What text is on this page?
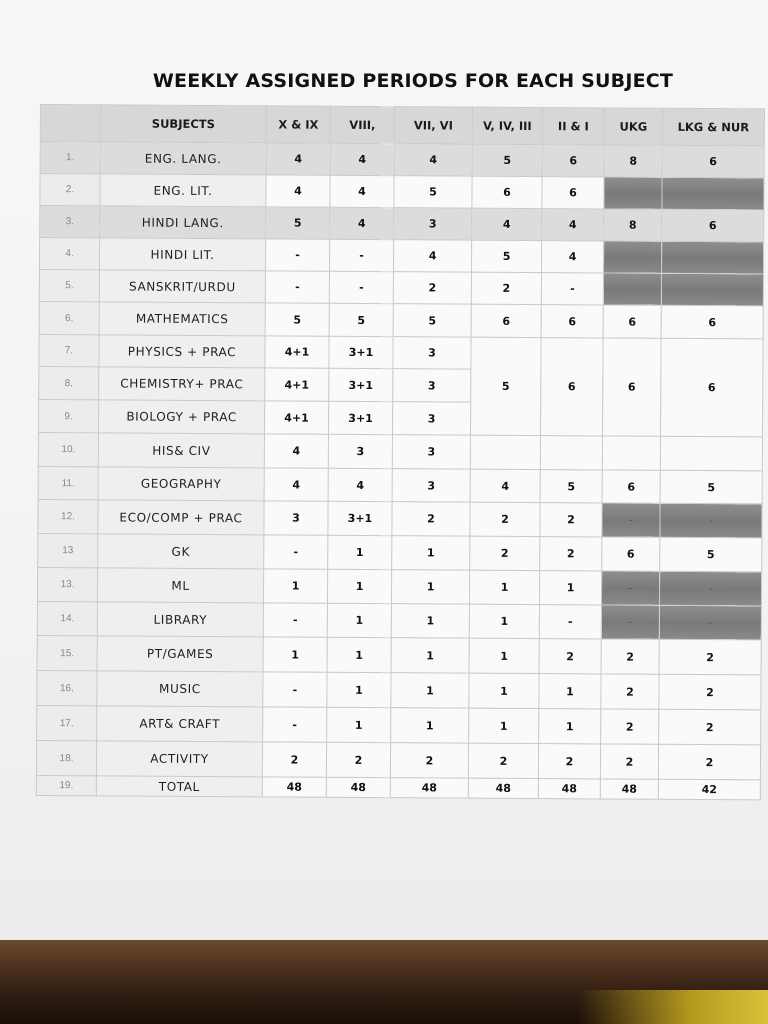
WEEKLY ASSIGNED PERIODS FOR EACH SUBJECT
	SUBJECTS	X & IX	VIII,	VII, VI	V, IV, III	II & I	UKG	LKG & NUR
1.	ENG. LANG.	4	4	4	5	6	8	6
2.	ENG. LIT.	4	4	5	6	6		
3.	HINDI LANG.	5	4	3	4	4	8	6
4.	HINDI LIT.	-	-	4	5	4		
5.	SANSKRIT/URDU	-	-	2	2	-		
6.	MATHEMATICS	5	5	5	6	6	6	6
7.	PHYSICS + PRAC	4+1	3+1	3	5	6	6	6
8.	CHEMISTRY+ PRAC	4+1	3+1	3				
9.	BIOLOGY + PRAC	4+1	3+1	3				
10.	HIS& CIV	4	3	3				
11.	GEOGRAPHY	4	4	3	4	5	6	5
12.	ECO/COMP + PRAC	3	3+1	2	2	2	-	-
13	GK	-	1	1	2	2	6	5
13.	ML	1	1	1	1	1	-	-
14.	LIBRARY	-	1	1	1	-	-	-
15.	PT/GAMES	1	1	1	1	2	2	2
16.	MUSIC	-	1	1	1	1	2	2
17.	ART& CRAFT	-	1	1	1	1	2	2
18.	ACTIVITY	2	2	2	2	2	2	2
19.	TOTAL	48	48	48	48	48	48	42
